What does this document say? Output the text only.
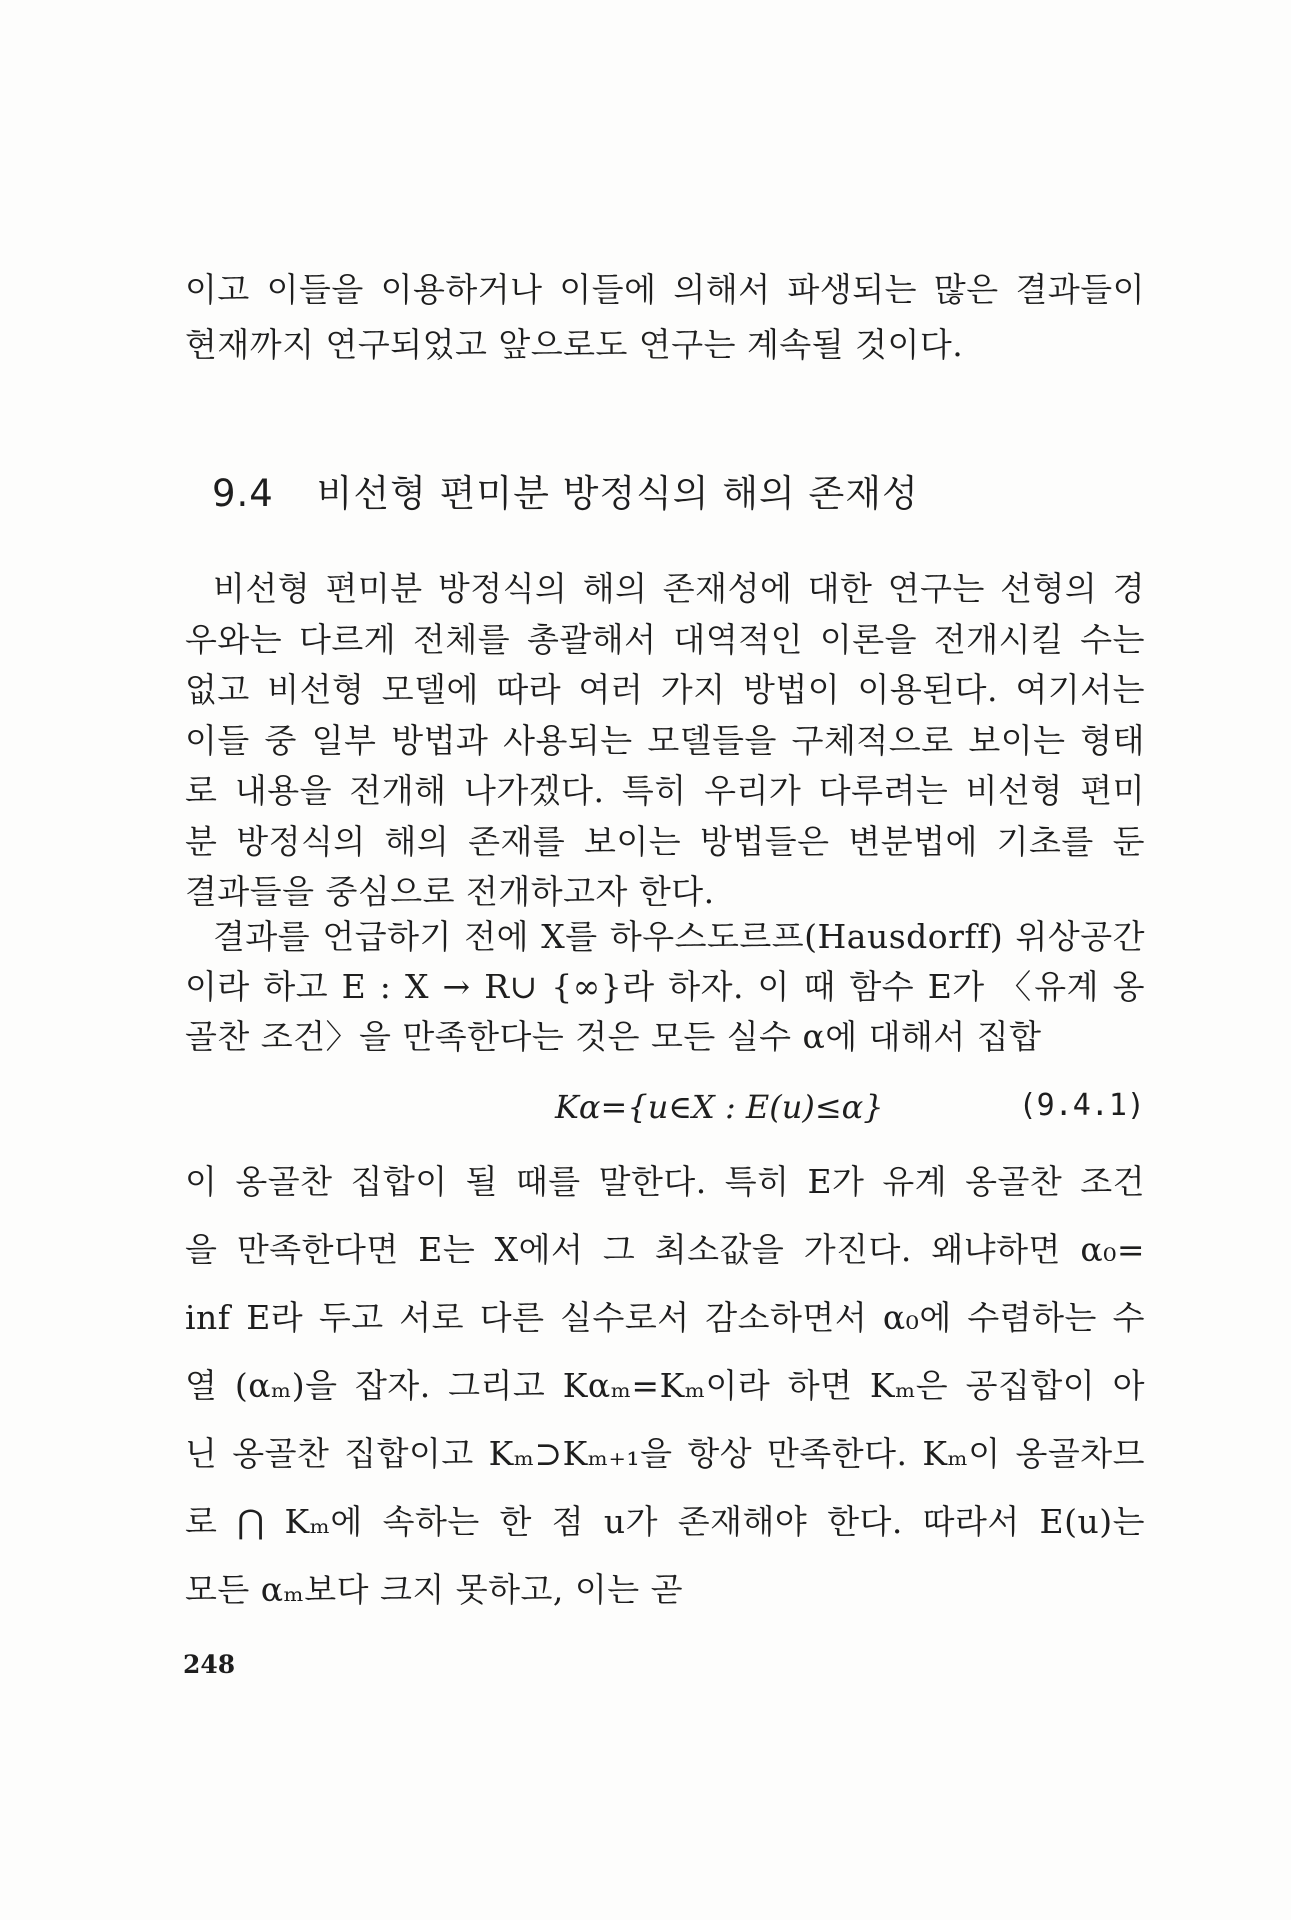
이고 이들을 이용하거나 이들에 의해서 파생되는 많은 결과들이
현재까지 연구되었고 앞으로도 연구는 계속될 것이다.
9.4 비선형 편미분 방정식의 해의 존재성
비선형 편미분 방정식의 해의 존재성에 대한 연구는 선형의 경
우와는 다르게 전체를 총괄해서 대역적인 이론을 전개시킬 수는
없고 비선형 모델에 따라 여러 가지 방법이 이용된다. 여기서는
이들 중 일부 방법과 사용되는 모델들을 구체적으로 보이는 형태
로 내용을 전개해 나가겠다. 특히 우리가 다루려는 비선형 편미
분 방정식의 해의 존재를 보이는 방법들은 변분법에 기초를 둔
결과들을 중심으로 전개하고자 한다.
결과를 언급하기 전에 X를 하우스도르프(Hausdorff) 위상공간
이라 하고 E : X → R∪ {∞}라 하자. 이 때 함수 E가 〈유계 옹
골찬 조건〉을 만족한다는 것은 모든 실수 α에 대해서 집합
Kα={u∈X : E(u)≤α}	(9.4.1)
이 옹골찬 집합이 될 때를 말한다. 특히 E가 유계 옹골찬 조건
을 만족한다면 E는 X에서 그 최소값을 가진다. 왜냐하면 α₀=
inf E라 두고 서로 다른 실수로서 감소하면서 α₀에 수렴하는 수
열 (αₘ)을 잡자. 그리고 Kαₘ=Kₘ이라 하면 Kₘ은 공집합이 아
닌 옹골찬 집합이고 Kₘ⊃Kₘ₊₁을 항상 만족한다. Kₘ이 옹골차므
로 ⋂ Kₘ에 속하는 한 점 u가 존재해야 한다. 따라서 E(u)는
모든 αₘ보다 크지 못하고, 이는 곧
248
